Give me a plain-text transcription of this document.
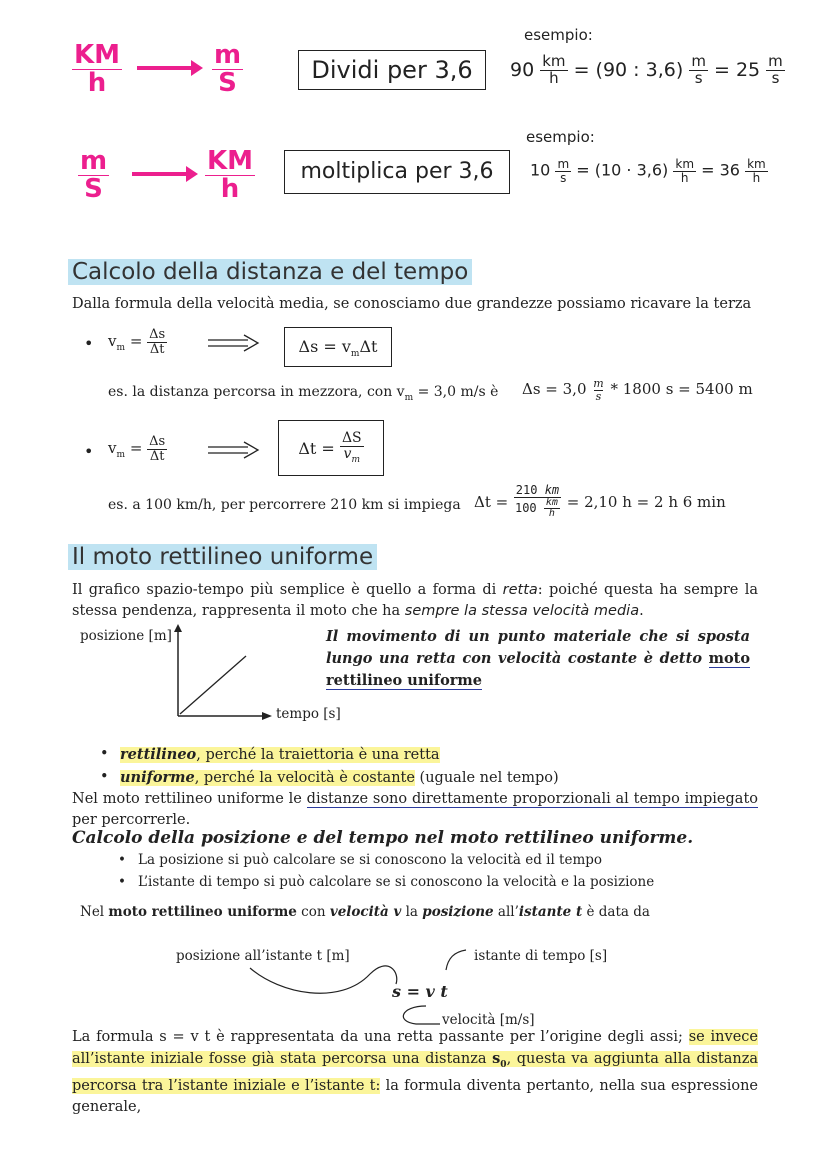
$\frac{KM}{h}$	$\frac{m}{S}$	Dividi per 3,6
esempio:
$90 \frac{km}{h} = (90$ : $3,6) \frac{m}{s} = 25 \frac{m}{s}$
$\frac{m}{S}$	$\frac{KM}{h}$	moltiplica per 3,6
esempio:
$10 \frac{m}{s} = (10 \cdot 3,6) \frac{km}{h} = 36 \frac{km}{h}$
Calcolo della distanza e del tempo
Dalla formula della velocità media, se conosciamo due grandezze possiamo ricavare la terza
• $v_m = \frac{\Delta s}{\Delta t}$	$\Delta s = v_m\Delta t$
es. la distanza percorsa in mezzora, con $v_m = 3,0$ m/s è $\Delta s = 3,0 \frac{m}{s} * 1800$ s = 5400 m
• $v_m = \frac{\Delta s}{\Delta t}$	Δt =
$\frac{\Delta S}{v_m}$
es. a 100 km/h, per percorrere 210 km si impiega Δt =
210 km
100
$\frac{km}{h}$
= 2,10 h = 2 h 6 min
Il moto rettilineo uniforme
Il grafico spazio-tempo più semplice è quello a forma di retta: poiché questa ha sempre la stessa pendenza, rappresenta il moto che ha sempre la stessa velocità media.
posizione [m]
tempo [s]
Il movimento di un punto materiale che si sposta lungo una retta con velocità costante è detto moto rettilineo uniforme
• rettilineo, perché la traiettoria è una retta
• uniforme, perché la velocità è costante (uguale nel tempo)
Nel moto rettilineo uniforme le distanze sono direttamente proporzionali al tempo impiegato per percorrerle.
Calcolo della posizione e del tempo nel moto rettilineo uniforme.
• La posizione si può calcolare se si conoscono la velocità ed il tempo
• L’istante di tempo si può calcolare se si conoscono la velocità e la posizione
Nel moto rettilineo uniforme con velocità v la posizione all’istante t è data da
posizione all’istante t [m]	istante di tempo [s]
s = v t
velocità [m/s]
La formula s = v t è rappresentata da una retta passante per l’origine degli assi; se invece all’istante iniziale fosse già stata percorsa una distanza $s_0$, questa va aggiunta alla distanza percorsa tra l’istante iniziale e l’istante t: la formula diventa pertanto, nella sua espressione generale,
